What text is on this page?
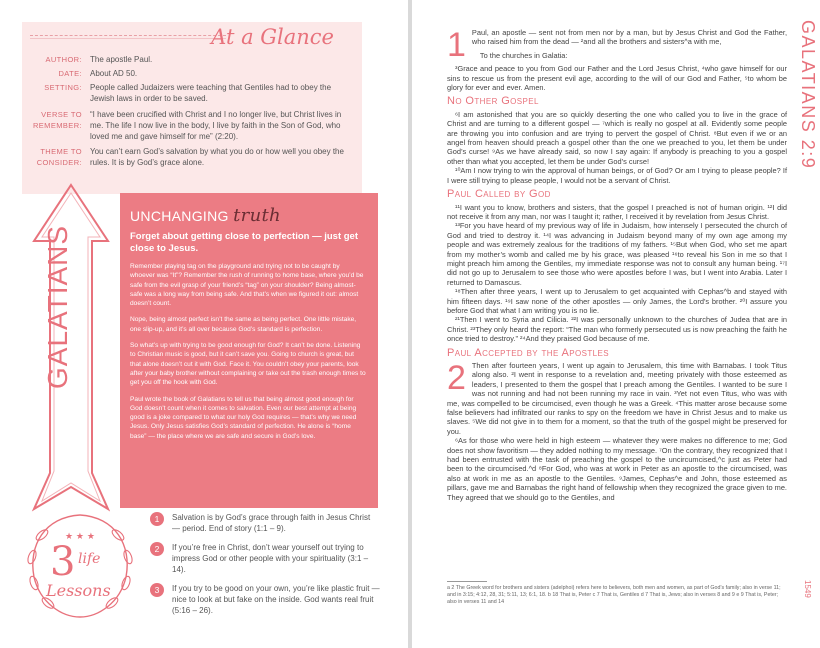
At a Glance
AUTHOR: The apostle Paul.
DATE: About AD 50.
SETTING: People called Judaizers were teaching that Gentiles had to obey the Jewish laws in order to be saved.
VERSE TO REMEMBER:
“I have been crucified with Christ and I no longer live, but Christ lives in me. The life I now live in the body, I live by faith in the Son of God, who loved me and gave himself for me” (2:20).
THEME TO CONSIDER:
You can’t earn God’s salvation by what you do or how well you obey the rules. It is by God’s grace alone.
GALATIANS
UNCHANGING truth
Forget about getting close to perfection — just get close to Jesus.
Remember playing tag on the playground and trying not to be caught by whoever was “It”? Remember the rush of running to home base, where you’d be safe from the evil grasp of your friend’s “tag” on your shoulder? Being almost-safe was a long way from being safe. And that’s when we figured it out: almost doesn’t count.
Nope, being almost perfect isn’t the same as being perfect. One little mistake, one slip-up, and it’s all over because God’s standard is perfection.
So what’s up with trying to be good enough for God? It can’t be done. Listening to Christian music is good, but it can’t save you. Going to church is great, but that alone doesn’t cut it with God. Face it. You couldn’t obey your parents, look after your baby brother without complaining or take out the trash enough times to get you off the hook with God.
Paul wrote the book of Galatians to tell us that being almost good enough for God doesn’t count when it comes to salvation. Even our best attempt at being good is a joke compared to what our holy God requires — that’s why we need Jesus. Only Jesus satisfies God’s standard of perfection. He alone is “home base” — the place where we are safe and secure in God’s love.
★ ★ ★
3 life
Lessons
1	Salvation is by God’s grace through faith in Jesus Christ — period. End of story (1:1 – 9).
2	If you’re free in Christ, don’t wear yourself out trying to impress God or other people with your spirituality (3:1 – 14).
3	If you try to be good on your own, you’re like plastic fruit — nice to look at but fake on the inside. God wants real fruit (5:16 – 26).
GALATIANS 2:9
1 Paul, an apostle — sent not from men nor by a man, but by Jesus Christ and God the Father, who raised him from the dead — ²and all the brothers and sisters^a with me,

To the churches in Galatia:

³Grace and peace to you from God our Father and the Lord Jesus Christ, ⁴who gave himself for our sins to rescue us from the present evil age, according to the will of our God and Father, ⁵to whom be glory for ever and ever. Amen.

No Other Gospel

⁶I am astonished that you are so quickly deserting the one who called you to live in the grace of Christ and are turning to a different gospel — ⁷which is really no gospel at all. Evidently some people are throwing you into confusion and are trying to pervert the gospel of Christ. ⁸But even if we or an angel from heaven should preach a gospel other than the one we preached to you, let them be under God’s curse! ⁹As we have already said, so now I say again: If anybody is preaching to you a gospel other than what you accepted, let them be under God’s curse!

¹⁰Am I now trying to win the approval of human beings, or of God? Or am I trying to please people? If I were still trying to please people, I would not be a servant of Christ.

Paul Called by God

¹¹I want you to know, brothers and sisters, that the gospel I preached is not of human origin. ¹²I did not receive it from any man, nor was I taught it; rather, I received it by revelation from Jesus Christ.

¹³For you have heard of my previous way of life in Judaism, how intensely I persecuted the church of God and tried to destroy it. ¹⁴I was advancing in Judaism beyond many of my own age among my people and was extremely zealous for the traditions of my fathers. ¹⁵But when God, who set me apart from my mother’s womb and called me by his grace, was pleased ¹⁶to reveal his Son in me so that I might preach him among the Gentiles, my immediate response was not to consult any human being. ¹⁷I did not go up to Jerusalem to see those who were apostles before I was, but I went into Arabia. Later I returned to Damascus.

¹⁸Then after three years, I went up to Jerusalem to get acquainted with Cephas^b and stayed with him fifteen days. ¹⁹I saw none of the other apostles — only James, the Lord’s brother. ²⁰I assure you before God that what I am writing you is no lie.

²¹Then I went to Syria and Cilicia. ²²I was personally unknown to the churches of Judea that are in Christ. ²³They only heard the report: “The man who formerly persecuted us is now preaching the faith he once tried to destroy.” ²⁴And they praised God because of me.

Paul Accepted by the Apostles
2 Then after fourteen years, I went up again to Jerusalem, this time with Barnabas. I took Titus along also. ²I went in response to a revelation and, meeting privately with those esteemed as leaders, I presented to them the gospel that I preach among the Gentiles. I wanted to be sure I was not running and had not been running my race in vain. ³Yet not even Titus, who was with me, was compelled to be circumcised, even though he was a Greek. ⁴This matter arose because some false believers had infiltrated our ranks to spy on the freedom we have in Christ Jesus and to make us slaves. ⁵We did not give in to them for a moment, so that the truth of the gospel might be preserved for you.

⁶As for those who were held in high esteem — whatever they were makes no difference to me; God does not show favoritism — they added nothing to my message. ⁷On the contrary, they recognized that I had been entrusted with the task of preaching the gospel to the uncircumcised,^c just as Peter had been to the circumcised.^d ⁸For God, who was at work in Peter as an apostle to the circumcised, was also at work in me as an apostle to the Gentiles. ⁹James, Cephas^e and John, those esteemed as pillars, gave me and Barnabas the right hand of fellowship when they recognized the grace given to me. They agreed that we should go to the Gentiles, and

a 2 The Greek word for brothers and sisters (adelphoi) refers here to believers, both men and women, as part of God’s family; also in verse 11; and in 3:15; 4:12, 28, 31; 5:11, 13; 6:1, 18. b 18 That is, Peter c 7 That is, Gentiles d 7 That is, Jews; also in verses 8 and 9 e 9 That is, Peter; also in verses 11 and 14
1549
